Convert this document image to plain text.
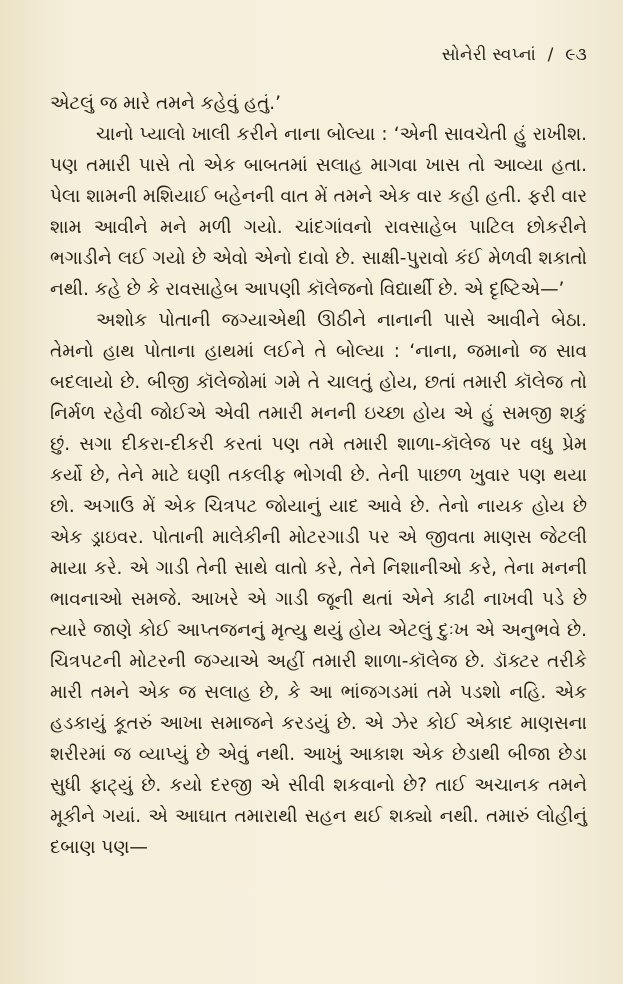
સોનેરી સ્વપ્નાં / ૯૩

એટલું જ મારે તમને કહેવું હતું.’

ચાનો પ્યાલો ખાલી કરીને નાના બોલ્યા : ‘એની સાવચેતી હું રાખીશ. પણ તમારી પાસે તો એક બાબતમાં સલાહ માગવા ખાસ તો આવ્યા હતા. પેલા શામની મશિયાઈ બહેનની વાત મેં તમને એક વાર કહી હતી. ફરી વાર શામ આવીને મને મળી ગયો. ચાંદગાંવનો રાવસાહેબ પાટિલ છોકરીને ભગાડીને લઈ ગયો છે એવો એનો દાવો છે. સાક્ષી-પુરાવો કંઈ મેળવી શકાતો નથી. કહે છે કે રાવસાહેબ આપણી કૉલેજનો વિદ્યાર્થી છે. એ દૃષ્ટિએ—’

અશોક પોતાની જગ્યાએથી ઊઠીને નાનાની પાસે આવીને બેઠા. તેમનો હાથ પોતાના હાથમાં લઈને તે બોલ્યા : ‘નાના, જમાનો જ સાવ બદલાયો છે. બીજી કૉલેજોમાં ગમે તે ચાલતું હોય, છતાં તમારી કૉલેજ તો નિર્મળ રહેવી જોઈએ એવી તમારી મનની ઇચ્છા હોય એ હું સમજી શકું છું. સગા દીકરા-દીકરી કરતાં પણ તમે તમારી શાળા-કૉલેજ પર વધુ પ્રેમ કર્યો છે, તેને માટે ઘણી તકલીફ ભોગવી છે. તેની પાછળ ખુવાર પણ થયા છો. અગાઉ મેં એક ચિત્રપટ જોયાનું યાદ આવે છે. તેનો નાયક હોય છે એક ડ્રાઇવર. પોતાની માલેકીની મોટરગાડી પર એ જીવતા માણસ જેટલી માયા કરે. એ ગાડી તેની સાથે વાતો કરે, તેને નિશાનીઓ કરે, તેના મનની ભાવનાઓ સમજે. આખરે એ ગાડી જૂની થતાં એને કાઢી નાખવી પડે છે ત્યારે જાણે કોઈ આપ્તજનનું મૃત્યુ થયું હોય એટલું દુઃખ એ અનુભવે છે. ચિત્રપટની મોટરની જગ્યાએ અહીં તમારી શાળા-કૉલેજ છે. ડૉક્ટર તરીકે મારી તમને એક જ સલાહ છે, કે આ ભાંજગડમાં તમે પડશો નહિ. એક હડકાયું કૂતરું આખા સમાજને કરડયું છે. એ ઝેર કોઈ એકાદ માણસના શરીરમાં જ વ્યાપ્યું છે એવું નથી. આખું આકાશ એક છેડાથી બીજા છેડા સુધી ફાટ્યું છે. કયો દરજી એ સીવી શકવાનો છે? તાઈ અચાનક તમને મૂકીને ગયાં. એ આઘાત તમારાથી સહન થઈ શક્યો નથી. તમારું લોહીનું દબાણ પણ—
